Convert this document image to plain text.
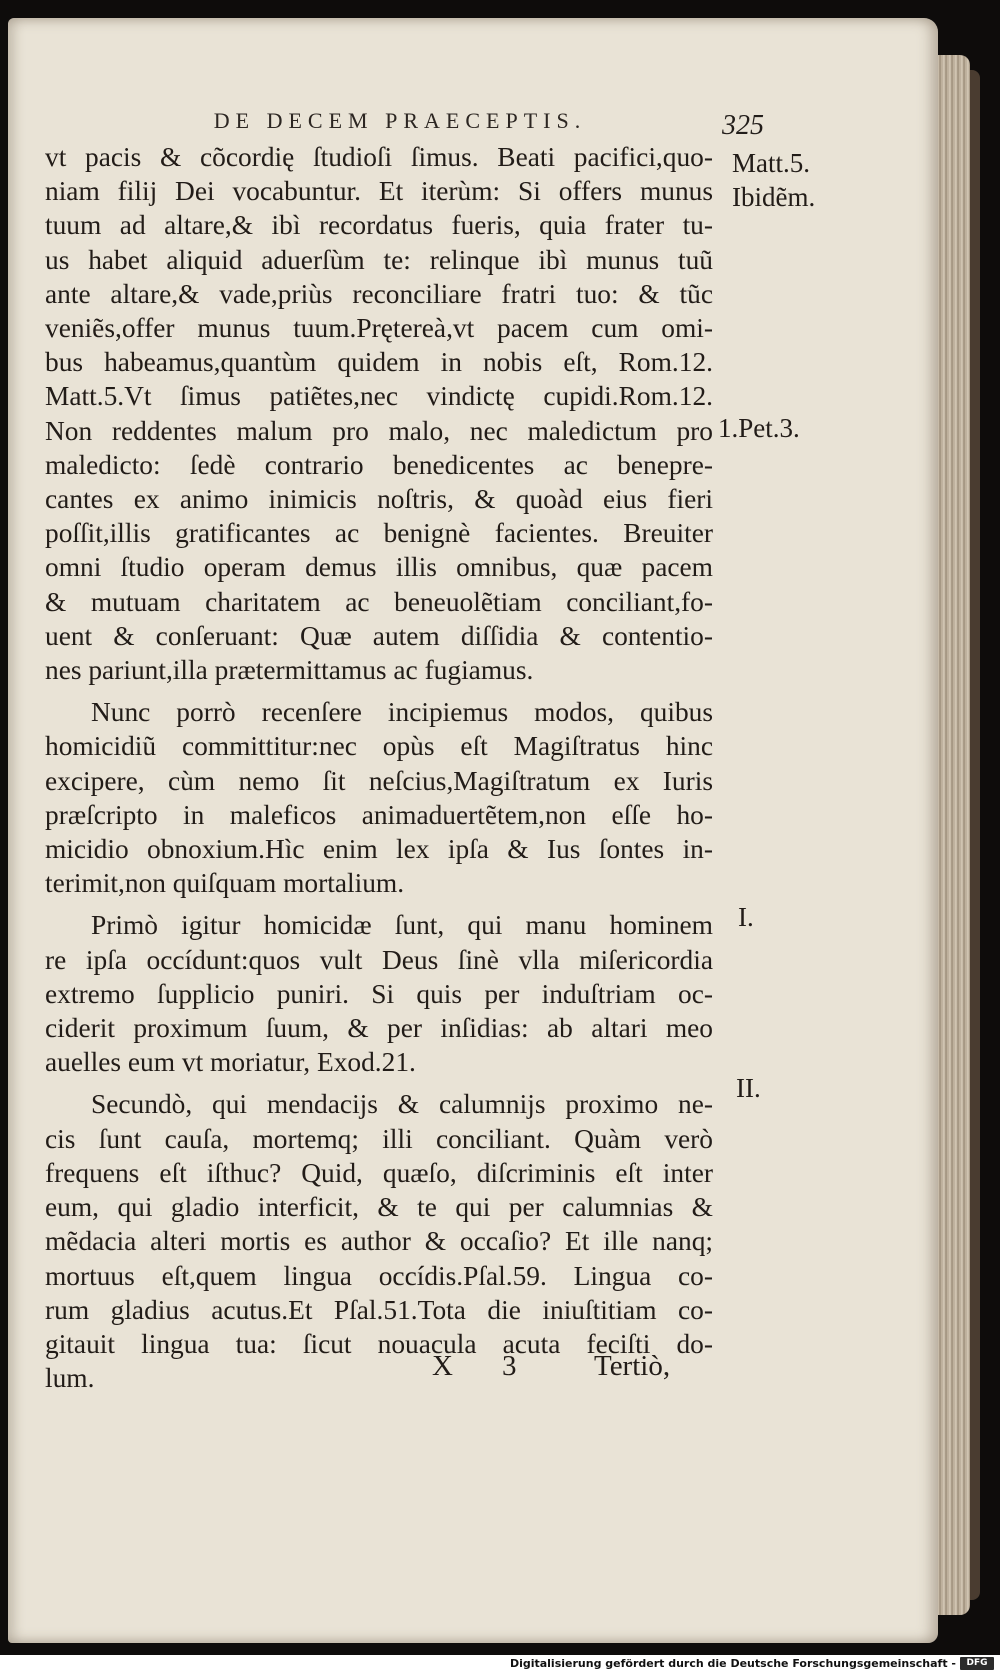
DE DECEM PRAECEPTIS.	325
vt pacis & cõcordię ſtudioſi ſimus. Beati pacifici,quo-
niam filij Dei vocabuntur. Et iterùm: Si offers munus
tuum ad altare,& ibì recordatus fueris, quia frater tu-
us habet aliquid aduerſùm te: relinque ibì munus tuũ
ante altare,& vade,priùs reconciliare fratri tuo: & tũc
veniẽs,offer munus tuum.Prętereà,vt pacem cum omi-
bus habeamus,quantùm quidem in nobis eſt, Rom.12.
Matt.5.Vt ſimus patiẽtes,nec vindictę cupidi.Rom.12.
Non reddentes malum pro malo, nec maledictum pro
maledicto: ſedè contrario benedicentes ac benepre-
cantes ex animo inimicis noſtris, & quoàd eius fieri
poſſit,illis gratificantes ac benignè facientes. Breuiter
omni ſtudio operam demus illis omnibus, quæ pacem
& mutuam charitatem ac beneuolẽtiam conciliant,fo-
uent & conſeruant: Quæ autem diſſidia & contentio-
nes pariunt,illa prætermittamus ac fugiamus.
Nunc porrò recenſere incipiemus modos, quibus
homicidiũ committitur:nec opùs eſt Magiſtratus hinc
excipere, cùm nemo ſit neſcius,Magiſtratum ex Iuris
præſcripto in maleficos animaduertẽtem,non eſſe ho-
micidio obnoxium.Hìc enim lex ipſa & Ius ſontes in-
terimit,non quiſquam mortalium.
Primò igitur homicidæ ſunt, qui manu hominem
re ipſa occídunt:quos vult Deus ſinè vlla miſericordia
extremo ſupplicio puniri. Si quis per induſtriam oc-
ciderit proximum ſuum, & per inſidias: ab altari meo
auelles eum vt moriatur, Exod.21.
Secundò, qui mendacijs & calumnijs proximo ne-
cis ſunt cauſa, mortemq; illi conciliant. Quàm verò
frequens eſt iſthuc? Quid, quæſo, diſcriminis eſt inter
eum, qui gladio interficit, & te qui per calumnias &
mẽdacia alteri mortis es author & occaſio? Et ille nanq;
mortuus eſt,quem lingua occídis.Pſal.59. Lingua co-
rum gladius acutus.Et Pſal.51.Tota die iniuſtitiam co-
gitauit lingua tua: ſicut nouacula acuta feciſti do-
lum.
Matt.5.
Ibidẽm.
1.Pet.3.
I.
II.
X 3	Tertiò,
Digitalisierung gefördert durch die Deutsche Forschungsgemeinschaft -	DFG
